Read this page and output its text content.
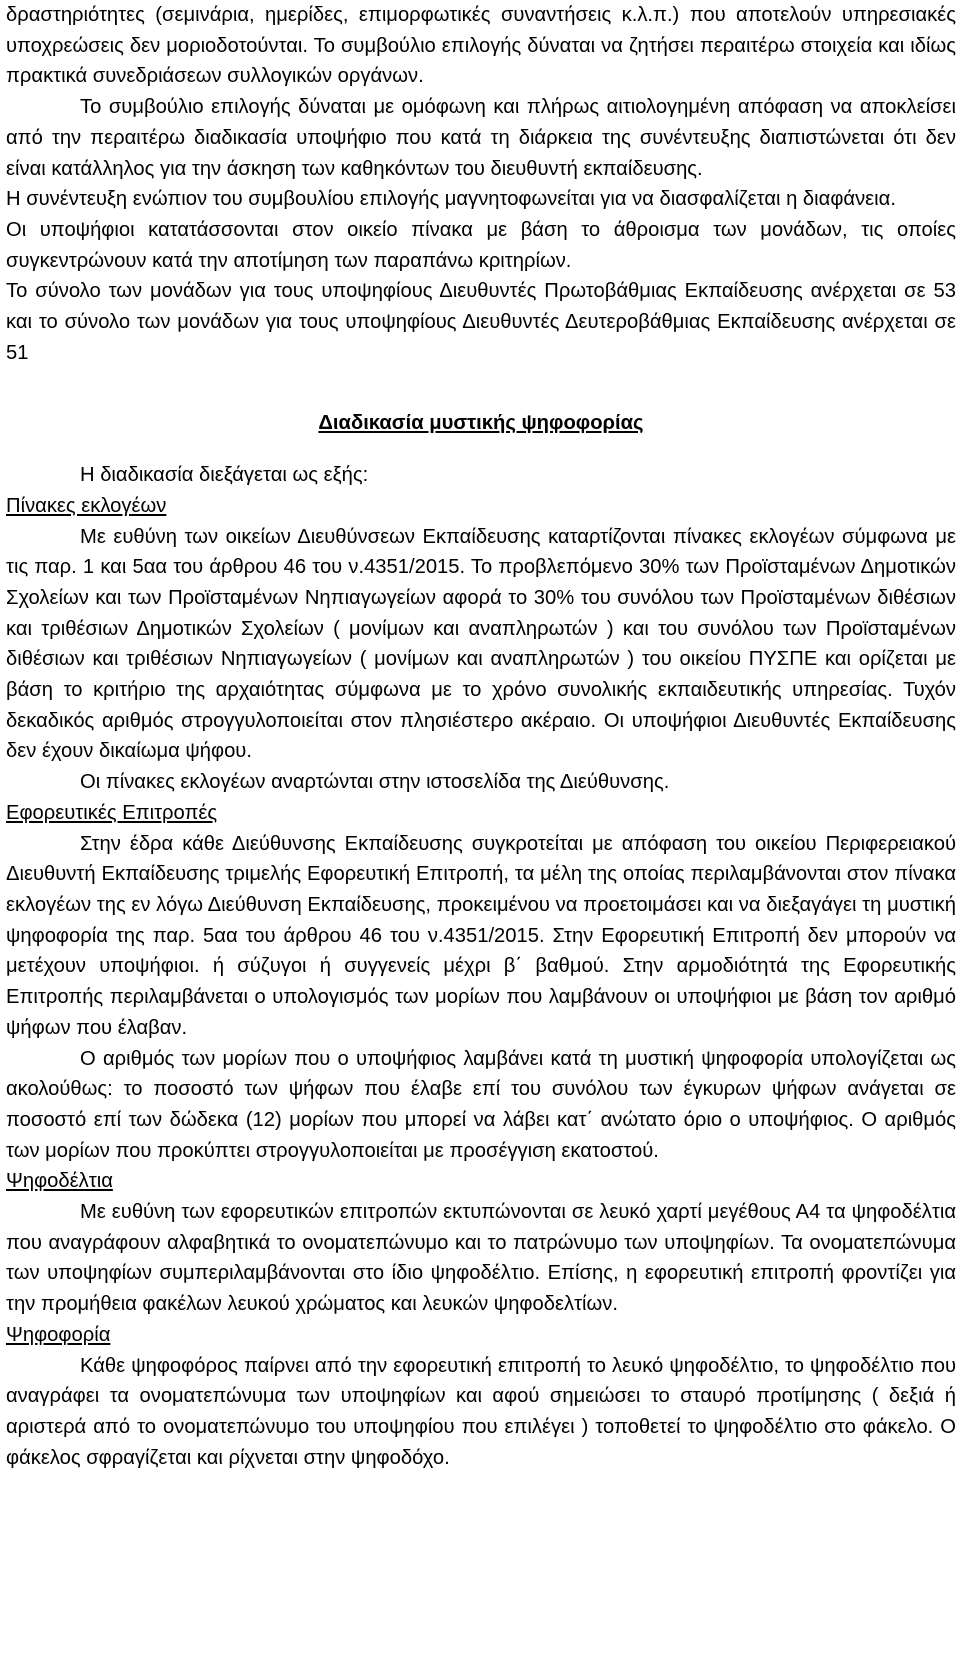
δραστηριότητες (σεμινάρια, ημερίδες, επιμορφωτικές συναντήσεις κ.λ.π.) που αποτελούν υπηρεσιακές υποχρεώσεις δεν μοριοδοτούνται. Το συμβούλιο επιλογής δύναται να ζητήσει περαιτέρω στοιχεία και ιδίως πρακτικά συνεδριάσεων συλλογικών οργάνων.

Το συμβούλιο επιλογής δύναται με ομόφωνη και πλήρως αιτιολογημένη απόφαση να αποκλείσει από την περαιτέρω διαδικασία υποψήφιο που κατά τη διάρκεια της συνέντευξης διαπιστώνεται ότι δεν είναι κατάλληλος για την άσκηση των καθηκόντων του διευθυντή εκπαίδευσης.

Η συνέντευξη ενώπιον του συμβουλίου επιλογής μαγνητοφωνείται για να διασφαλίζεται η διαφάνεια.

Οι υποψήφιοι κατατάσσονται στον οικείο πίνακα με βάση το άθροισμα των μονάδων, τις οποίες συγκεντρώνουν κατά την αποτίμηση των παραπάνω κριτηρίων.

Το σύνολο των μονάδων για τους υποψηφίους Διευθυντές Πρωτοβάθμιας Εκπαίδευσης ανέρχεται σε 53 και το σύνολο των μονάδων για τους υποψηφίους Διευθυντές Δευτεροβάθμιας Εκπαίδευσης ανέρχεται σε 51

Διαδικασία μυστικής ψηφοφορίας

Η διαδικασία διεξάγεται ως εξής:

Πίνακες εκλογέων

Με ευθύνη των οικείων Διευθύνσεων Εκπαίδευσης καταρτίζονται πίνακες εκλογέων σύμφωνα με τις παρ. 1 και 5αα του άρθρου 46 του ν.4351/2015. Το προβλεπόμενο 30% των Προϊσταμένων Δημοτικών Σχολείων και των Προϊσταμένων Νηπιαγωγείων αφορά το 30% του συνόλου των Προϊσταμένων διθέσιων και τριθέσιων Δημοτικών Σχολείων ( μονίμων και αναπληρωτών ) και του συνόλου των Προϊσταμένων διθέσιων και τριθέσιων Νηπιαγωγείων ( μονίμων και αναπληρωτών ) του οικείου ΠΥΣΠΕ και ορίζεται με βάση το κριτήριο της αρχαιότητας σύμφωνα με το χρόνο συνολικής εκπαιδευτικής υπηρεσίας. Τυχόν δεκαδικός αριθμός στρογγυλοποιείται στον πλησιέστερο ακέραιο. Οι υποψήφιοι Διευθυντές Εκπαίδευσης δεν έχουν δικαίωμα ψήφου.

Οι πίνακες εκλογέων αναρτώνται στην ιστοσελίδα της Διεύθυνσης.

Εφορευτικές Επιτροπές

Στην έδρα κάθε Διεύθυνσης Εκπαίδευσης συγκροτείται με απόφαση του οικείου Περιφερειακού Διευθυντή Εκπαίδευσης τριμελής Εφορευτική Επιτροπή, τα μέλη της οποίας περιλαμβάνονται στον πίνακα εκλογέων της εν λόγω Διεύθυνση Εκπαίδευσης, προκειμένου να προετοιμάσει και να διεξαγάγει τη μυστική ψηφοφορία της παρ. 5αα του άρθρου 46 του ν.4351/2015. Στην Εφορευτική Επιτροπή δεν μπορούν να μετέχουν υποψήφιοι. ή σύζυγοι ή συγγενείς μέχρι β΄ βαθμού. Στην αρμοδιότητά της Εφορευτικής Επιτροπής περιλαμβάνεται ο υπολογισμός των μορίων που λαμβάνουν οι υποψήφιοι με βάση τον αριθμό ψήφων που έλαβαν.

Ο αριθμός των μορίων που ο υποψήφιος λαμβάνει κατά τη μυστική ψηφοφορία υπολογίζεται ως ακολούθως: το ποσοστό των ψήφων που έλαβε επί του συνόλου των έγκυρων ψήφων ανάγεται σε ποσοστό επί των δώδεκα (12) μορίων που μπορεί να λάβει κατ΄ ανώτατο όριο ο υποψήφιος. Ο αριθμός των μορίων που προκύπτει στρογγυλοποιείται με προσέγγιση εκατοστού.

Ψηφοδέλτια

Με ευθύνη των εφορευτικών επιτροπών εκτυπώνονται σε λευκό χαρτί μεγέθους Α4 τα ψηφοδέλτια που αναγράφουν αλφαβητικά το ονοματεπώνυμο και το πατρώνυμο των υποψηφίων. Τα ονοματεπώνυμα των υποψηφίων συμπεριλαμβάνονται στο ίδιο ψηφοδέλτιο. Επίσης, η εφορευτική επιτροπή φροντίζει για την προμήθεια φακέλων λευκού χρώματος και λευκών ψηφοδελτίων.

Ψηφοφορία

Κάθε ψηφοφόρος παίρνει από την εφορευτική επιτροπή το λευκό ψηφοδέλτιο, το ψηφοδέλτιο που αναγράφει τα ονοματεπώνυμα των υποψηφίων και αφού σημειώσει το σταυρό προτίμησης ( δεξιά ή αριστερά από το ονοματεπώνυμο του υποψηφίου που επιλέγει ) τοποθετεί το ψηφοδέλτιο στο φάκελο. Ο φάκελος σφραγίζεται και ρίχνεται στην ψηφοδόχο.
